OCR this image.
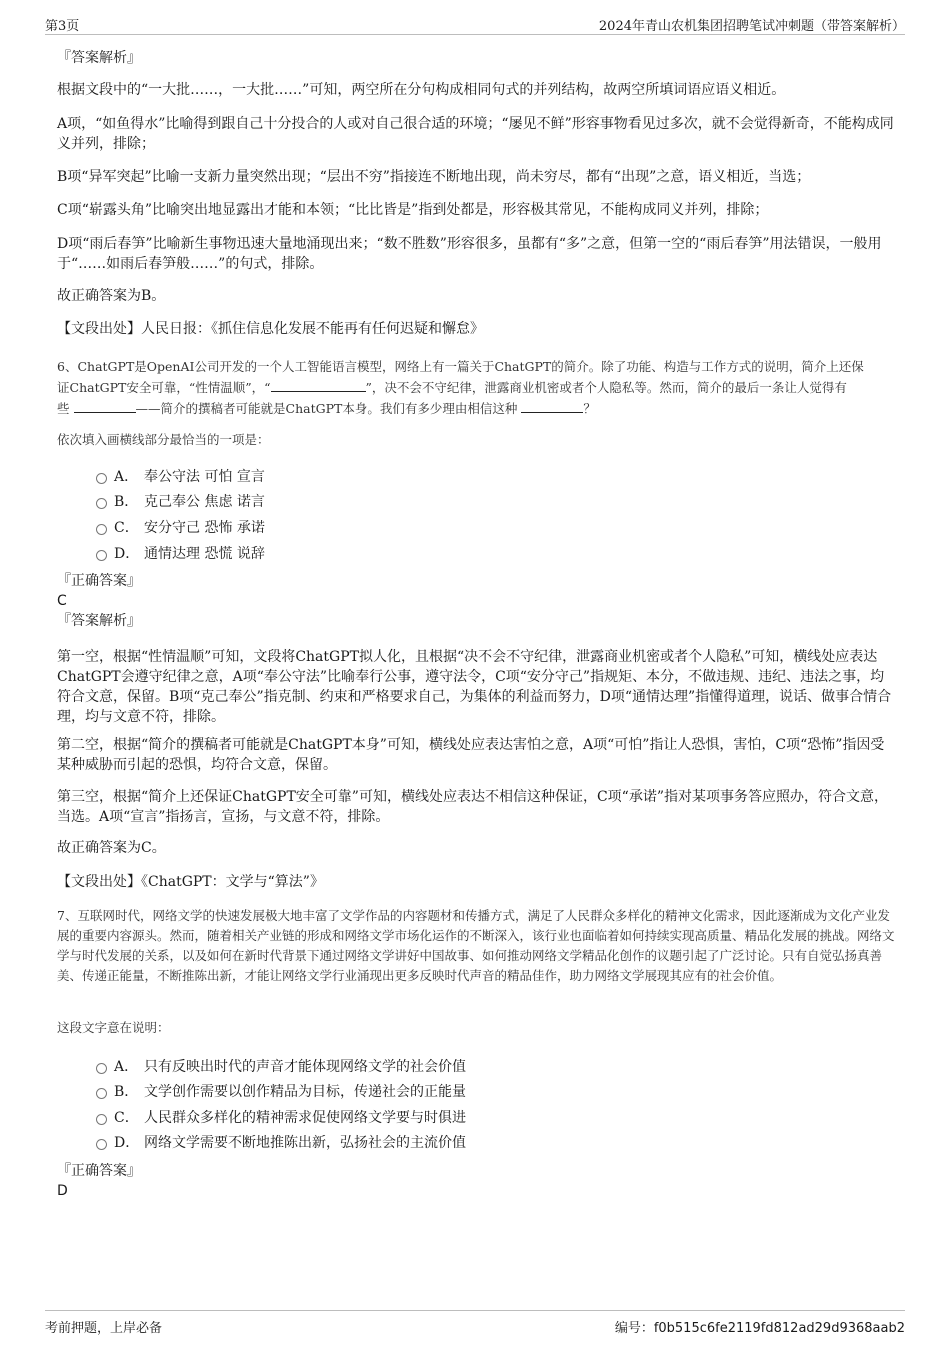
第3页	2024年青山农机集团招聘笔试冲刺题（带答案解析）
『答案解析』
根据文段中的“一大批……，一大批……”可知，两空所在分句构成相同句式的并列结构，故两空所填词语应语义相近。
A项，“如鱼得水”比喻得到跟自己十分投合的人或对自己很合适的环境；“屡见不鲜”形容事物看见过多次，就不会觉得新奇，不能构成同义并列，排除；
B项“异军突起”比喻一支新力量突然出现；“层出不穷”指接连不断地出现，尚未穷尽，都有“出现”之意，语义相近，当选；
C项“崭露头角”比喻突出地显露出才能和本领；“比比皆是”指到处都是，形容极其常见，不能构成同义并列，排除；
D项“雨后春笋”比喻新生事物迅速大量地涌现出来；“数不胜数”形容很多，虽都有“多”之意，但第一空的“雨后春笋”用法错误，一般用于“……如雨后春笋般……”的句式，排除。
故正确答案为B。
【文段出处】人民日报：《抓住信息化发展不能再有任何迟疑和懈怠》
6、ChatGPT是OpenAI公司开发的一个人工智能语言模型，网络上有一篇关于ChatGPT的简介。除了功能、构造与工作方式的说明，简介上还保
证ChatGPT安全可靠，“性情温顺”，“	”，决不会不守纪律，泄露商业机密或者个人隐私等。然而，简介的最后一条让人觉得有
些	——简介的撰稿者可能就是ChatGPT本身。我们有多少理由相信这种	？
依次填入画横线部分最恰当的一项是：
A． 奉公守法 可怕 宣言
B． 克己奉公 焦虑 诺言
C． 安分守己 恐怖 承诺
D． 通情达理 恐慌 说辞
『正确答案』
C
『答案解析』
第一空，根据“性情温顺”可知，文段将ChatGPT拟人化，且根据“决不会不守纪律，泄露商业机密或者个人隐私”可知，横线处应表达ChatGPT会遵守纪律之意，A项“奉公守法”比喻奉行公事，遵守法令，C项“安分守己”指规矩、本分，不做违规、违纪、违法之事，均符合文意，保留。B项“克己奉公”指克制、约束和严格要求自己，为集体的利益而努力，D项“通情达理”指懂得道理，说话、做事合情合理，均与文意不符，排除。
第二空，根据“简介的撰稿者可能就是ChatGPT本身”可知，横线处应表达害怕之意，A项“可怕”指让人恐惧，害怕，C项“恐怖”指因受某种威胁而引起的恐惧，均符合文意，保留。
第三空，根据“简介上还保证ChatGPT安全可靠”可知，横线处应表达不相信这种保证，C项“承诺”指对某项事务答应照办，符合文意，当选。A项“宣言”指扬言，宣扬，与文意不符，排除。
故正确答案为C。
【文段出处】《ChatGPT：文学与“算法”》
7、互联网时代，网络文学的快速发展极大地丰富了文学作品的内容题材和传播方式，满足了人民群众多样化的精神文化需求，因此逐渐成为文化产业发展的重要内容源头。然而，随着相关产业链的形成和网络文学市场化运作的不断深入，该行业也面临着如何持续实现高质量、精品化发展的挑战。网络文学与时代发展的关系，以及如何在新时代背景下通过网络文学讲好中国故事、如何推动网络文学精品化创作的议题引起了广泛讨论。只有自觉弘扬真善美、传递正能量，不断推陈出新，才能让网络文学行业涌现出更多反映时代声音的精品佳作，助力网络文学展现其应有的社会价值。
这段文字意在说明：
A． 只有反映出时代的声音才能体现网络文学的社会价值
B． 文学创作需要以创作精品为目标，传递社会的正能量
C． 人民群众多样化的精神需求促使网络文学要与时俱进
D． 网络文学需要不断地推陈出新，弘扬社会的主流价值
『正确答案』
D
考前押题，上岸必备	编号：f0b515c6fe2119fd812ad29d9368aab2
